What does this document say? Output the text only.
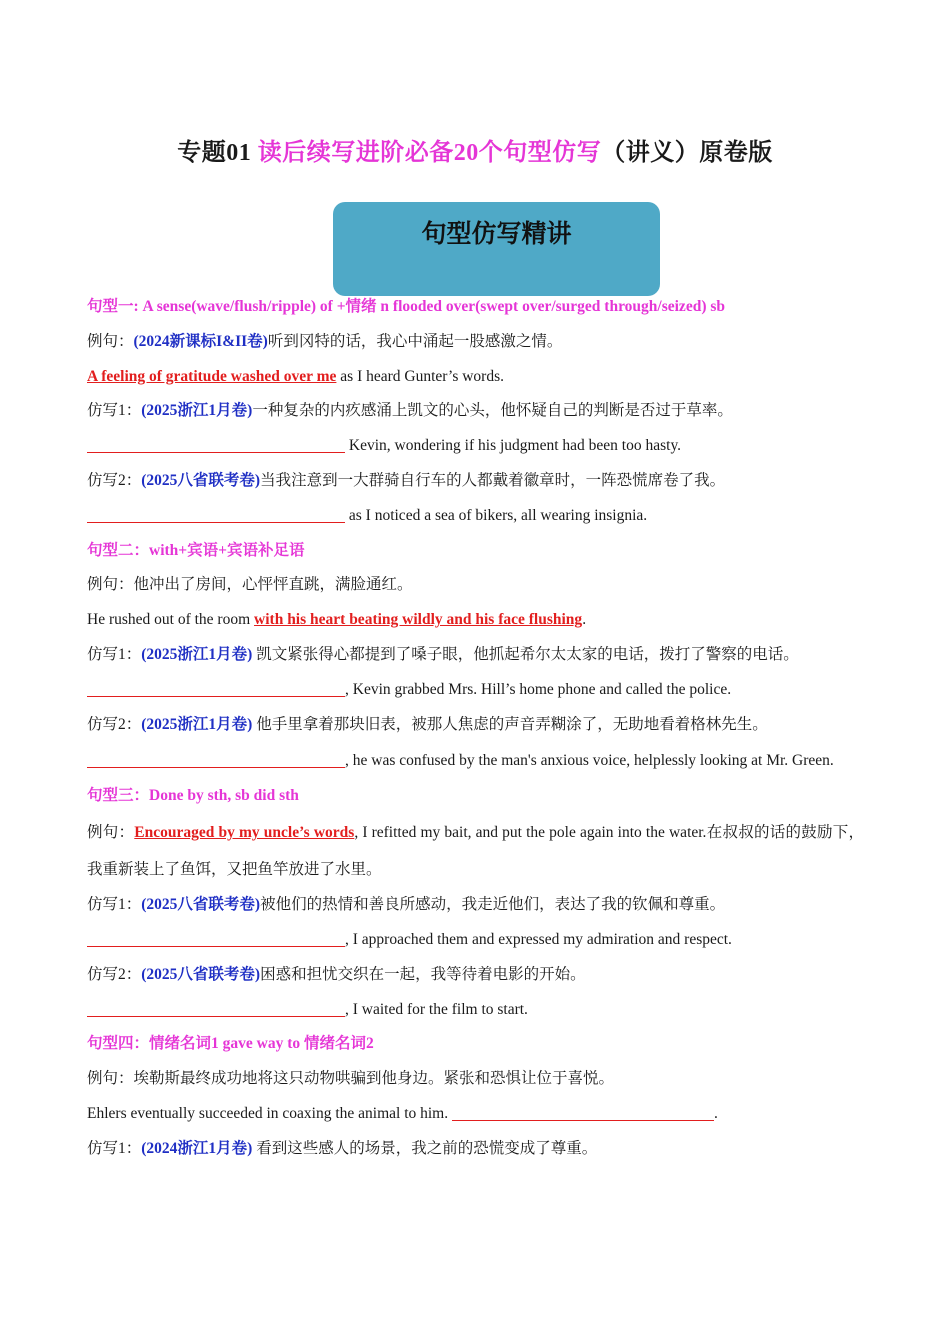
专题01 读后续写进阶必备20个句型仿写（讲义）原卷版
句型仿写精讲
句型一: A sense(wave/flush/ripple) of +情绪 n flooded over(swept over/surged through/seized) sb
例句：(2024新课标I&II卷)听到冈特的话，我心中涌起一股感激之情。
A feeling of gratitude washed over me as I heard Gunter’s words.
仿写1：(2025浙江1月卷)一种复杂的内疚感涌上凯文的心头，他怀疑自己的判断是否过于草率。
Kevin, wondering if his judgment had been too hasty.
仿写2：(2025八省联考卷)当我注意到一大群骑自行车的人都戴着徽章时，一阵恐慌席卷了我。
as I noticed a sea of bikers, all wearing insignia.
句型二：with+宾语+宾语补足语
例句：他冲出了房间，心怦怦直跳，满脸通红。
He rushed out of the room with his heart beating wildly and his face flushing.
仿写1：(2025浙江1月卷) 凯文紧张得心都提到了嗓子眼，他抓起希尔太太家的电话，拨打了警察的电话。
, Kevin grabbed Mrs. Hill’s home phone and called the police.
仿写2：(2025浙江1月卷) 他手里拿着那块旧表，被那人焦虑的声音弄糊涂了，无助地看着格林先生。
, he was confused by the man's anxious voice, helplessly looking at Mr. Green.
句型三：Done by sth, sb did sth
例句：Encouraged by my uncle’s words, I refitted my bait, and put the pole again into the water.在叔叔的话的鼓励下，我重新装上了鱼饵，又把鱼竿放进了水里。
仿写1：(2025八省联考卷)被他们的热情和善良所感动，我走近他们，表达了我的钦佩和尊重。
, I approached them and expressed my admiration and respect.
仿写2：(2025八省联考卷)困惑和担忧交织在一起，我等待着电影的开始。
, I waited for the film to start.
句型四：情绪名词1 gave way to 情绪名词2
例句：埃勒斯最终成功地将这只动物哄骗到他身边。紧张和恐惧让位于喜悦。
Ehlers eventually succeeded in coaxing the animal to him.	.
仿写1：(2024浙江1月卷) 看到这些感人的场景，我之前的恐慌变成了尊重。
